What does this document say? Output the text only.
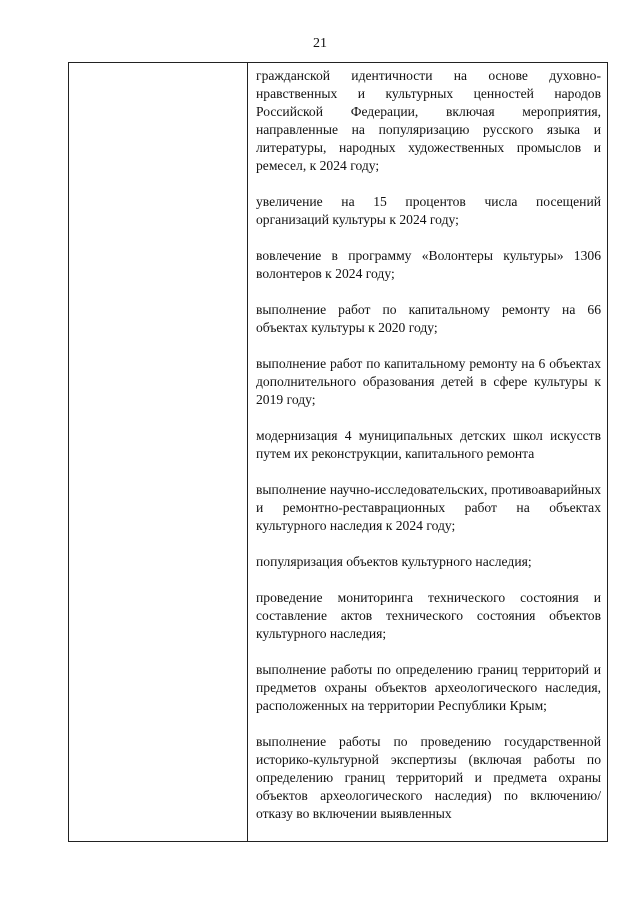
21

гражданской идентичности на основе духовно-нравственных и культурных ценностей народов Российской Федерации, включая мероприятия, направленные на популяризацию русского языка и литературы, народных художественных промыслов и ремесел, к 2024 году;

увеличение на 15 процентов числа посещений организаций культуры к 2024 году;

вовлечение в программу «Волонтеры культуры» 1306 волонтеров к 2024 году;

выполнение работ по капитальному ремонту на 66 объектах культуры к 2020 году;

выполнение работ по капитальному ремонту на 6 объектах дополнительного образования детей в сфере культуры к 2019 году;

модернизация 4 муниципальных детских школ искусств путем их реконструкции, капитального ремонта

выполнение научно-исследовательских, противоаварийных и ремонтно-реставрационных работ на объектах культурного наследия к 2024 году;

популяризация объектов культурного наследия;

проведение мониторинга технического состояния и составление актов технического состояния объектов культурного наследия;

выполнение работы по определению границ территорий и предметов охраны объектов археологического наследия, расположенных на территории Республики Крым;

выполнение работы по проведению государственной историко-культурной экспертизы (включая работы по определению границ территорий и предмета охраны объектов археологического наследия) по включению/отказу во включении выявленных
